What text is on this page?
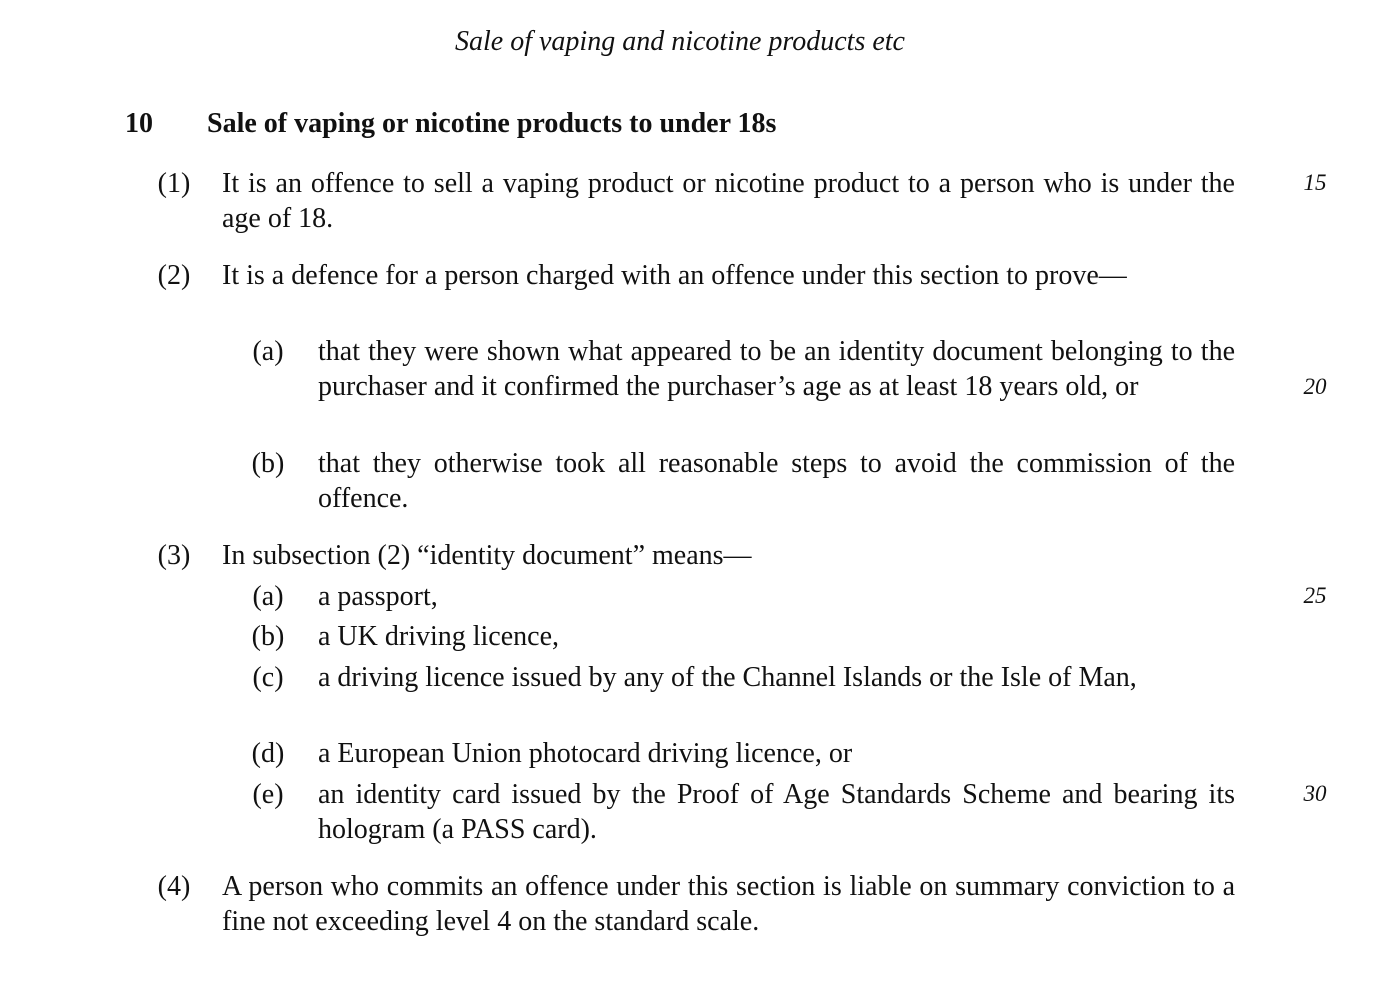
Sale of vaping and nicotine products etc
10 Sale of vaping or nicotine products to under 18s
15
20
25
30
(1) It is an offence to sell a vaping product or nicotine product to a person who is under the age of 18.
(2) It is a defence for a person charged with an offence under this section to prove—
(a)	that they were shown what appeared to be an identity document belonging to the purchaser and it confirmed the purchaser’s age as at least 18 years old, or
(b)	that they otherwise took all reasonable steps to avoid the commission of the offence.
(3) In subsection (2) “identity document” means—
(a)	a passport,
(b)	a UK driving licence,
(c)	a driving licence issued by any of the Channel Islands or the Isle of Man,
(d)	a European Union photocard driving licence, or
(e)	an identity card issued by the Proof of Age Standards Scheme and bearing its hologram (a PASS card).
(4) A person who commits an offence under this section is liable on summary conviction to a fine not exceeding level 4 on the standard scale.
